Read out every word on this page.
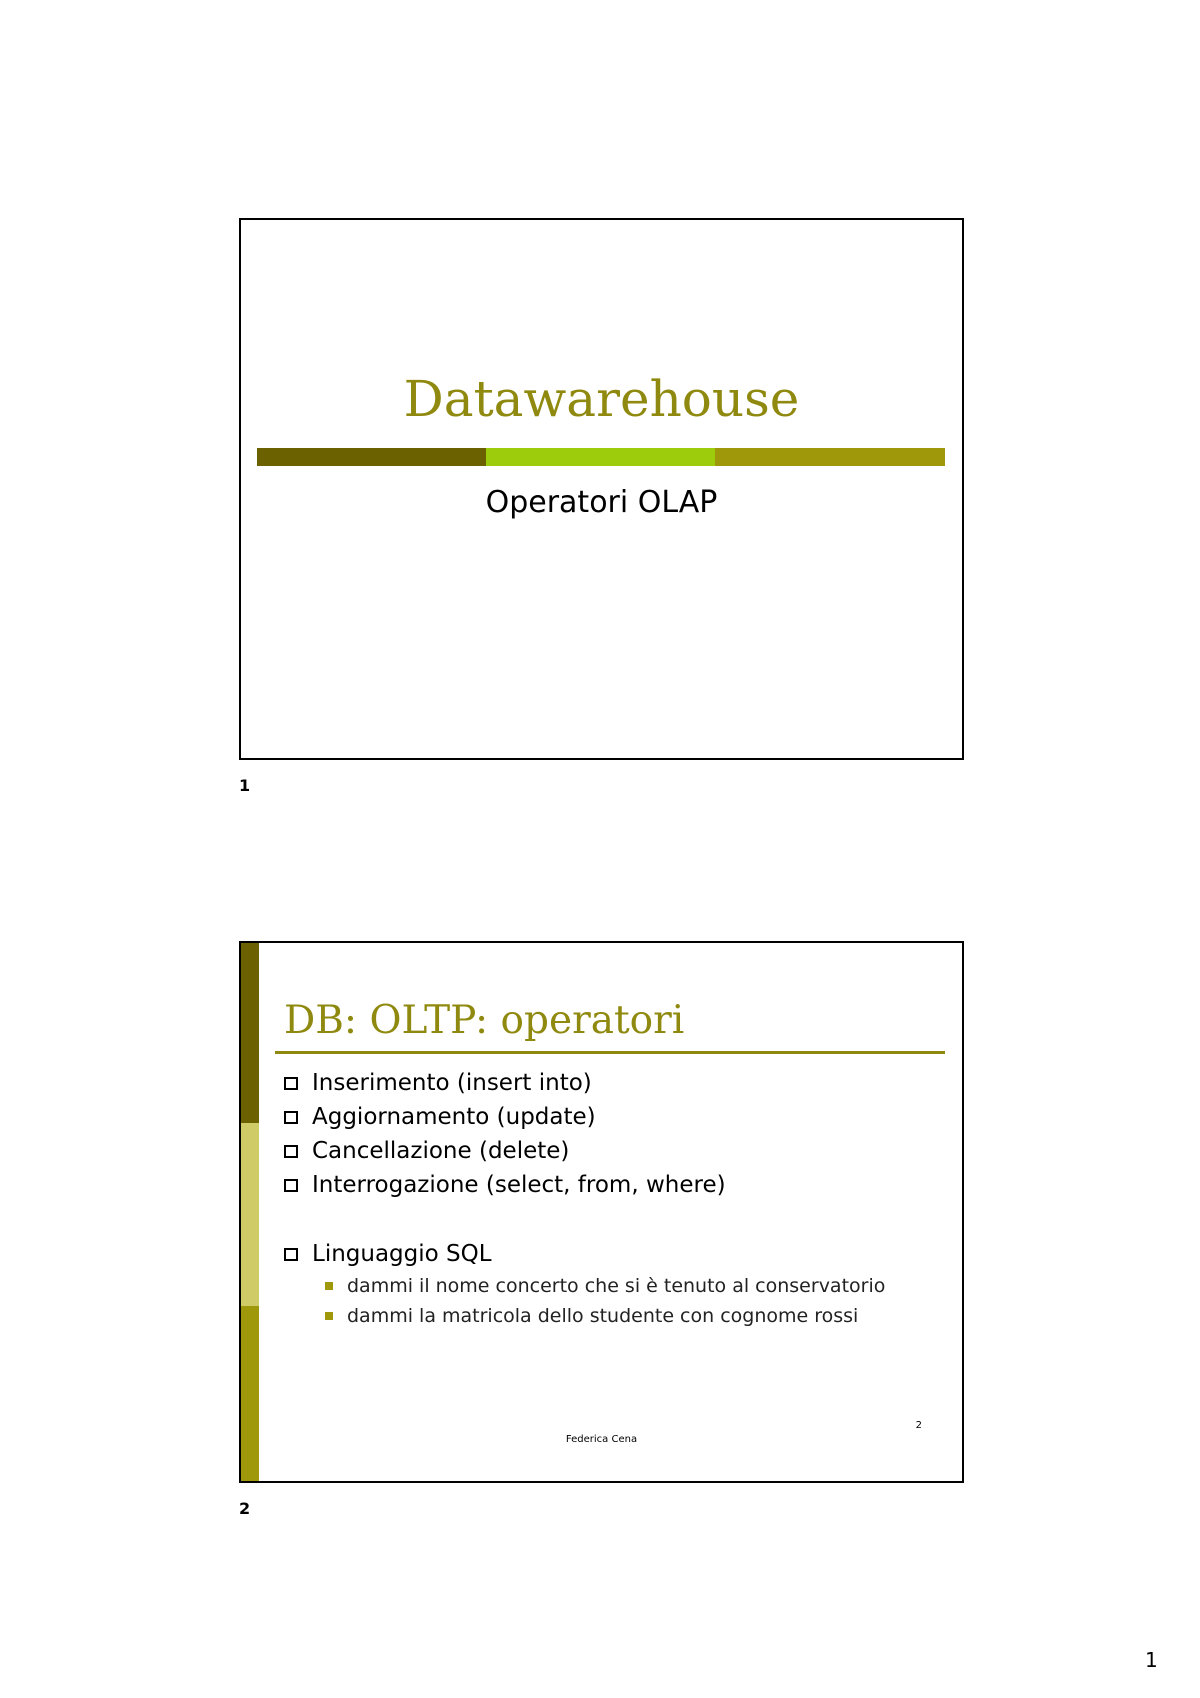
Datawarehouse
Operatori OLAP
1
DB: OLTP: operatori
Inserimento (insert into)
Aggiornamento (update)
Cancellazione (delete)
Interrogazione (select, from, where)
Linguaggio SQL
dammi il nome concerto che si è tenuto al conservatorio
dammi la matricola dello studente con cognome rossi
2
Federica Cena
2
1
